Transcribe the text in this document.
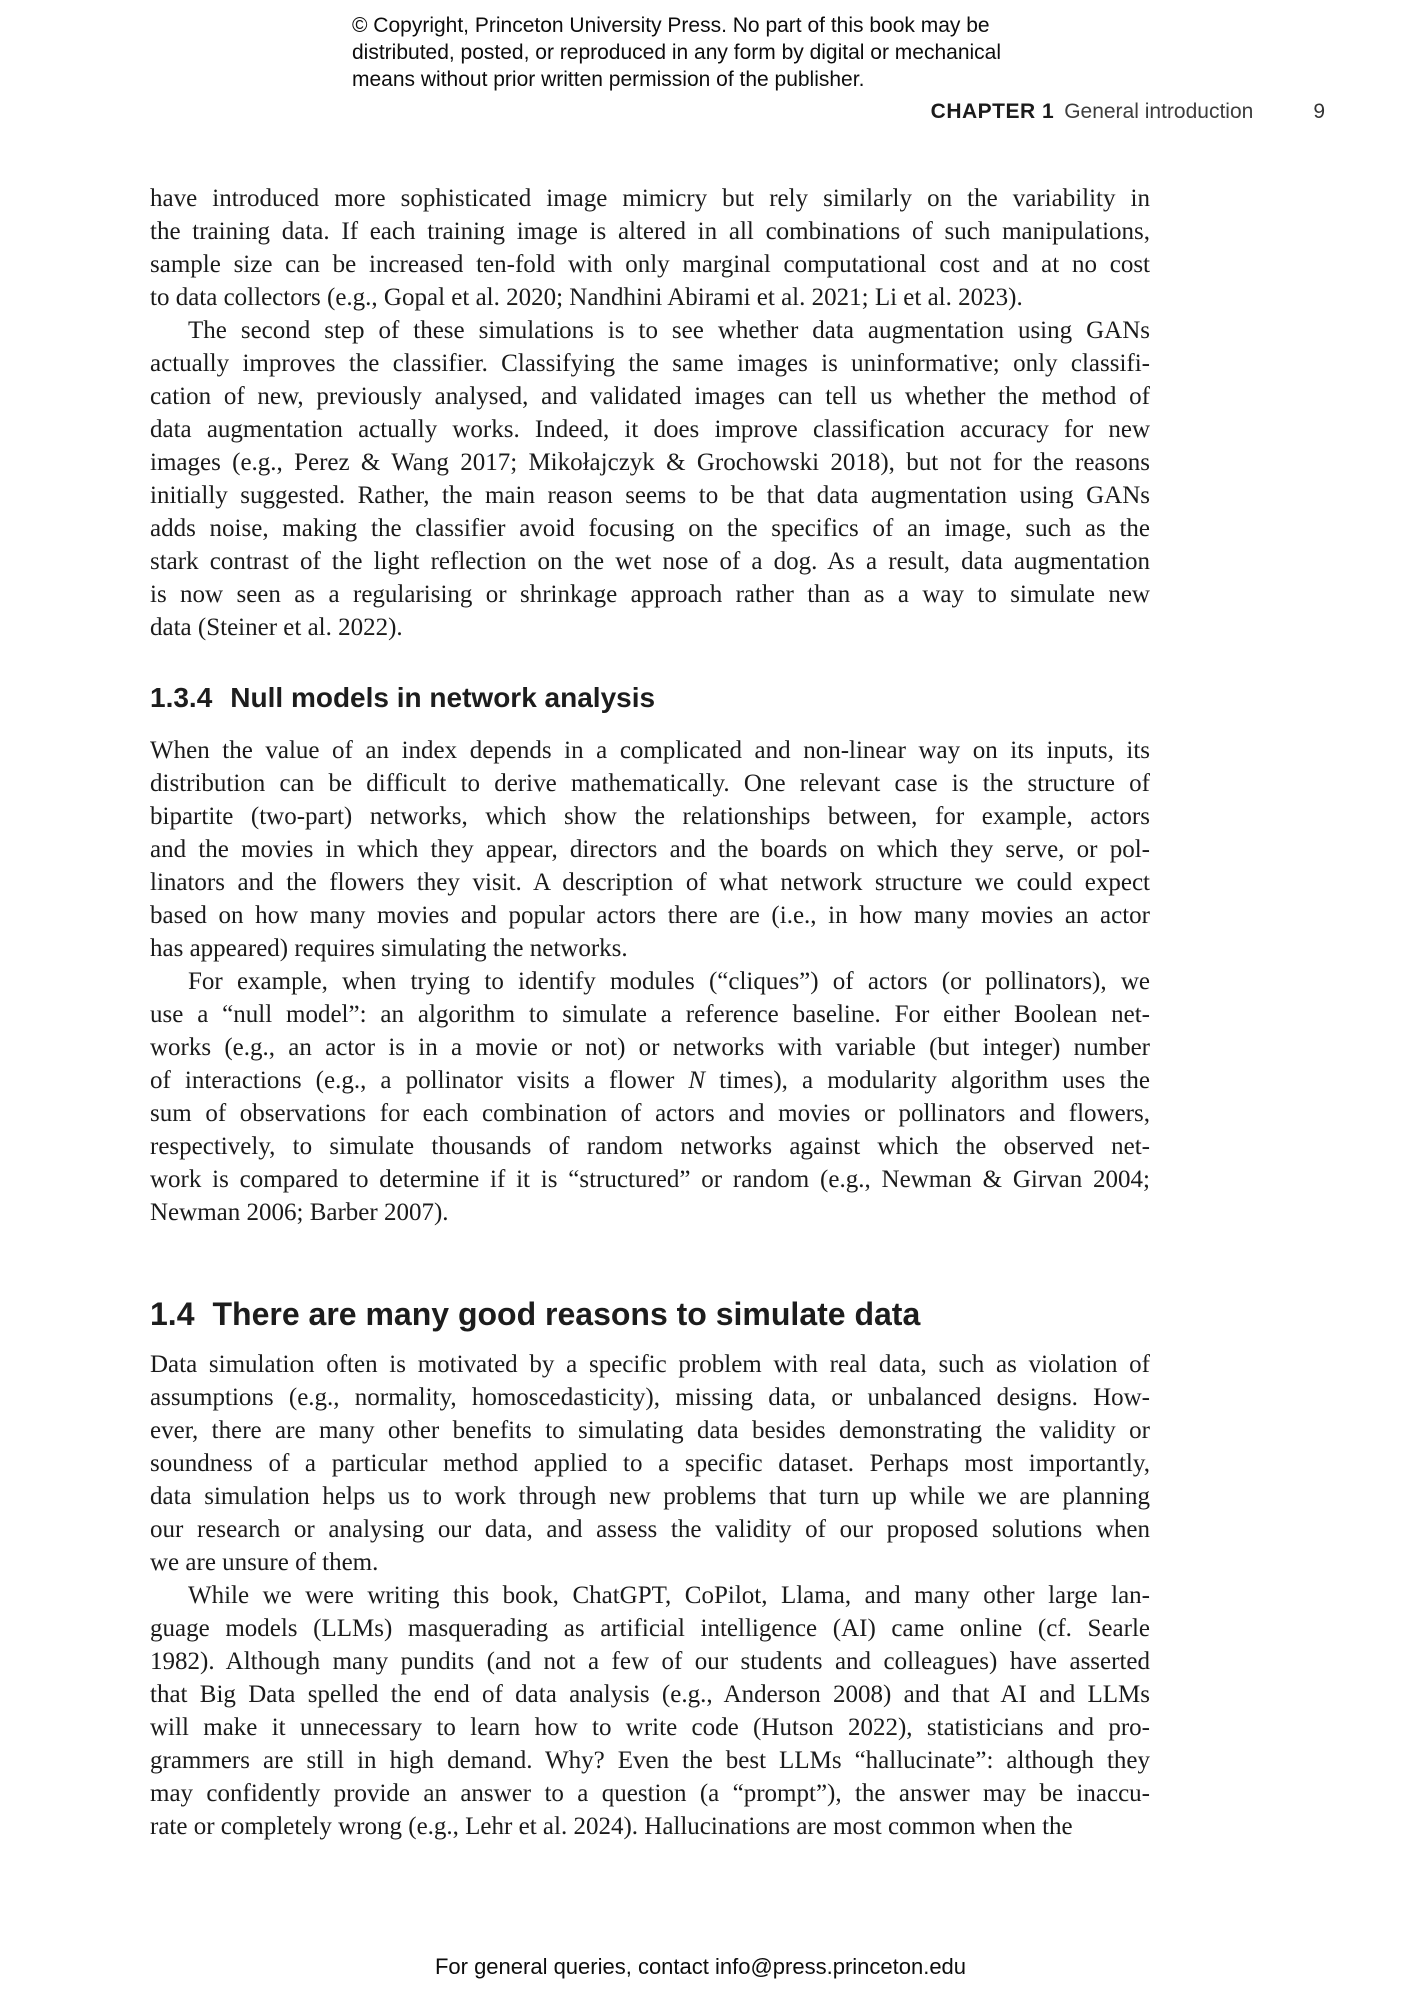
© Copyright, Princeton University Press. No part of this book may be
distributed, posted, or reproduced in any form by digital or mechanical
means without prior written permission of the publisher.
CHAPTER 1 General introduction	9
have introduced more sophisticated image mimicry but rely similarly on the variability in
the training data. If each training image is altered in all combinations of such manipulations,
sample size can be increased ten-fold with only marginal computational cost and at no cost
to data collectors (e.g., Gopal et al. 2020; Nandhini Abirami et al. 2021; Li et al. 2023).
The second step of these simulations is to see whether data augmentation using GANs
actually improves the classifier. Classifying the same images is uninformative; only classifi-
cation of new, previously analysed, and validated images can tell us whether the method of
data augmentation actually works. Indeed, it does improve classification accuracy for new
images (e.g., Perez & Wang 2017; Mikołajczyk & Grochowski 2018), but not for the reasons
initially suggested. Rather, the main reason seems to be that data augmentation using GANs
adds noise, making the classifier avoid focusing on the specifics of an image, such as the
stark contrast of the light reflection on the wet nose of a dog. As a result, data augmentation
is now seen as a regularising or shrinkage approach rather than as a way to simulate new
data (Steiner et al. 2022).
1.3.4 Null models in network analysis
When the value of an index depends in a complicated and non-linear way on its inputs, its
distribution can be difficult to derive mathematically. One relevant case is the structure of
bipartite (two-part) networks, which show the relationships between, for example, actors
and the movies in which they appear, directors and the boards on which they serve, or pol-
linators and the flowers they visit. A description of what network structure we could expect
based on how many movies and popular actors there are (i.e., in how many movies an actor
has appeared) requires simulating the networks.
For example, when trying to identify modules (“cliques”) of actors (or pollinators), we
use a “null model”: an algorithm to simulate a reference baseline. For either Boolean net-
works (e.g., an actor is in a movie or not) or networks with variable (but integer) number
of interactions (e.g., a pollinator visits a flower N times), a modularity algorithm uses the
sum of observations for each combination of actors and movies or pollinators and flowers,
respectively, to simulate thousands of random networks against which the observed net-
work is compared to determine if it is “structured” or random (e.g., Newman & Girvan 2004;
Newman 2006; Barber 2007).
1.4 There are many good reasons to simulate data
Data simulation often is motivated by a specific problem with real data, such as violation of
assumptions (e.g., normality, homoscedasticity), missing data, or unbalanced designs. How-
ever, there are many other benefits to simulating data besides demonstrating the validity or
soundness of a particular method applied to a specific dataset. Perhaps most importantly,
data simulation helps us to work through new problems that turn up while we are planning
our research or analysing our data, and assess the validity of our proposed solutions when
we are unsure of them.
While we were writing this book, ChatGPT, CoPilot, Llama, and many other large lan-
guage models (LLMs) masquerading as artificial intelligence (AI) came online (cf. Searle
1982). Although many pundits (and not a few of our students and colleagues) have asserted
that Big Data spelled the end of data analysis (e.g., Anderson 2008) and that AI and LLMs
will make it unnecessary to learn how to write code (Hutson 2022), statisticians and pro-
grammers are still in high demand. Why? Even the best LLMs “hallucinate”: although they
may confidently provide an answer to a question (a “prompt”), the answer may be inaccu-
rate or completely wrong (e.g., Lehr et al. 2024). Hallucinations are most common when the
For general queries, contact info@press.princeton.edu
